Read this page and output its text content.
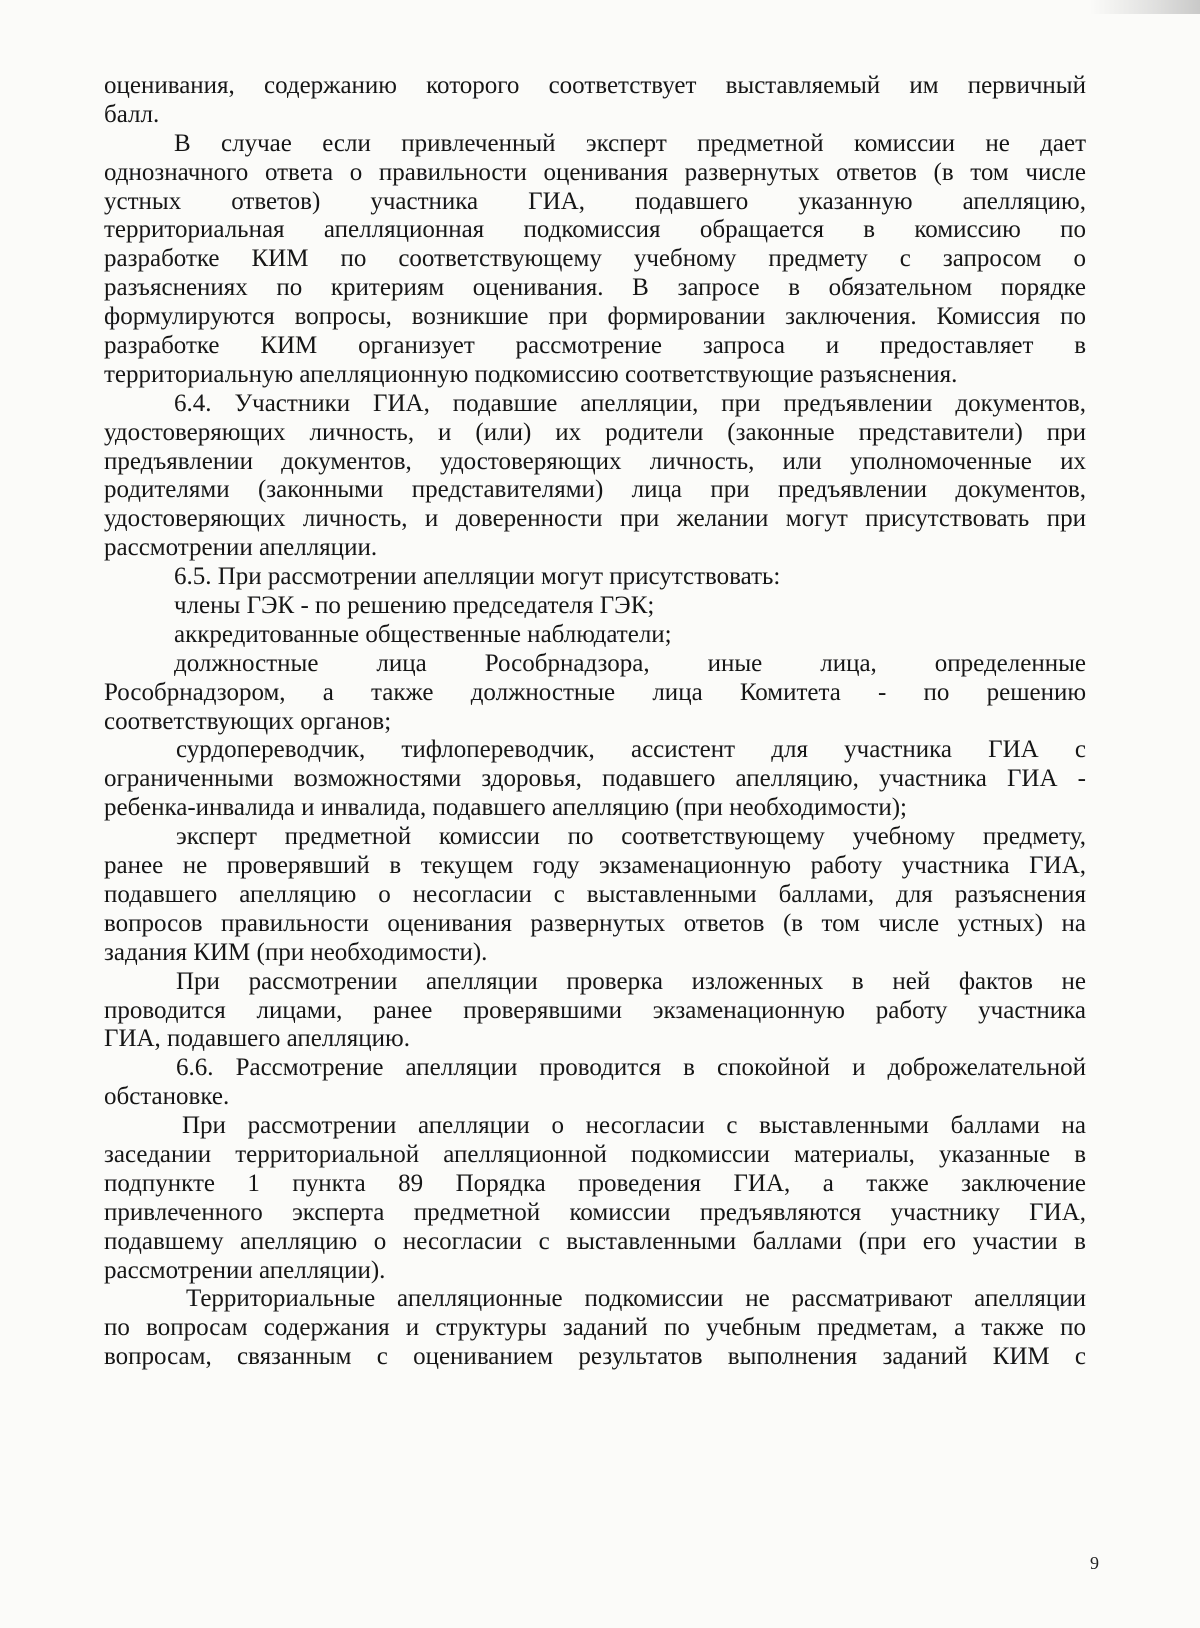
оценивания, содержанию которого соответствует выставляемый им первичный
балл.
В случае если привлеченный эксперт предметной комиссии не дает
однозначного ответа о правильности оценивания развернутых ответов (в том числе
устных ответов) участника ГИА, подавшего указанную апелляцию,
территориальная апелляционная подкомиссия обращается в комиссию по
разработке КИМ по соответствующему учебному предмету с запросом о
разъяснениях по критериям оценивания. В запросе в обязательном порядке
формулируются вопросы, возникшие при формировании заключения. Комиссия по
разработке КИМ организует рассмотрение запроса и предоставляет в
территориальную апелляционную подкомиссию соответствующие разъяснения.
6.4. Участники ГИА, подавшие апелляции, при предъявлении документов,
удостоверяющих личность, и (или) их родители (законные представители) при
предъявлении документов, удостоверяющих личность, или уполномоченные их
родителями (законными представителями) лица при предъявлении документов,
удостоверяющих личность, и доверенности при желании могут присутствовать при
рассмотрении апелляции.
6.5. При рассмотрении апелляции могут присутствовать:
члены ГЭК - по решению председателя ГЭК;
аккредитованные общественные наблюдатели;
должностные лица Рособрнадзора, иные лица, определенные
Рособрнадзором, а также должностные лица Комитета - по решению
соответствующих органов;
сурдопереводчик, тифлопереводчик, ассистент для участника ГИА с
ограниченными возможностями здоровья, подавшего апелляцию, участника ГИА -
ребенка-инвалида и инвалида, подавшего апелляцию (при необходимости);
эксперт предметной комиссии по соответствующему учебному предмету,
ранее не проверявший в текущем году экзаменационную работу участника ГИА,
подавшего апелляцию о несогласии с выставленными баллами, для разъяснения
вопросов правильности оценивания развернутых ответов (в том числе устных) на
задания КИМ (при необходимости).
При рассмотрении апелляции проверка изложенных в ней фактов не
проводится лицами, ранее проверявшими экзаменационную работу участника
ГИА, подавшего апелляцию.
6.6. Рассмотрение апелляции проводится в спокойной и доброжелательной
обстановке.
При рассмотрении апелляции о несогласии с выставленными баллами на
заседании территориальной апелляционной подкомиссии материалы, указанные в
подпункте 1 пункта 89 Порядка проведения ГИА, а также заключение
привлеченного эксперта предметной комиссии предъявляются участнику ГИА,
подавшему апелляцию о несогласии с выставленными баллами (при его участии в
рассмотрении апелляции).
Территориальные апелляционные подкомиссии не рассматривают апелляции
по вопросам содержания и структуры заданий по учебным предметам, а также по
вопросам, связанным с оцениванием результатов выполнения заданий КИМ с
9
